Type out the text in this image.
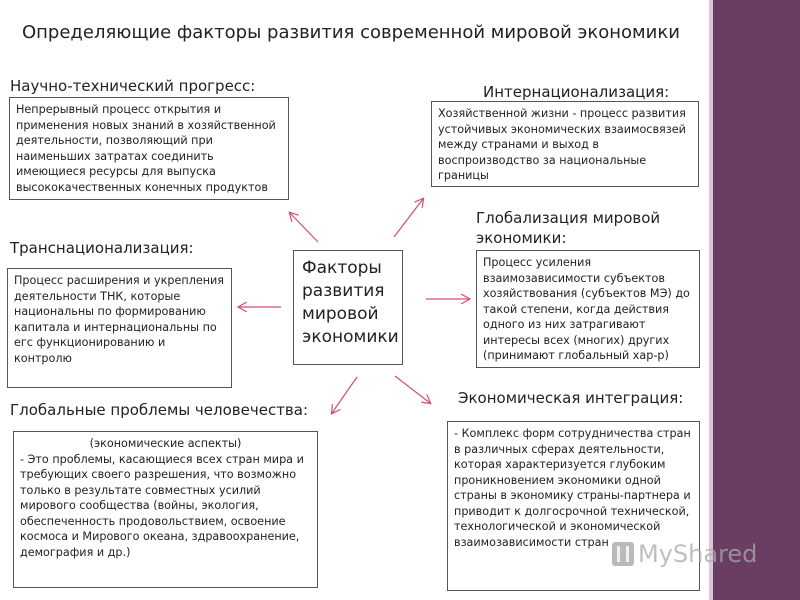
Определяющие факторы развития современной мировой экономики
Научно-технический прогресс:	Интернационализация:
Транснационализация:
Глобализация мировой экономики:
Глобальные проблемы человечества:
Экономическая интеграция:
Непрерывный процесс открытия и применения новых знаний в хозяйственной деятельности, позволяющий при наименьших затратах соединить имеющиеся ресурсы для выпуска высококачественных конечных продуктов
Хозяйственной жизни - процесс развития устойчивых экономических взаимосвязей между странами и выход в воспроизводство за национальные границы
Процесс расширения и укрепления деятельности ТНК, которые национальны по формированию капитала и интернациональны по егс функционированию и контролю
Процесс усиления взаимозависимости субъектов хозяйствования (субъектов МЭ) до такой степени, когда действия одного из них затрагивают интересы всех (многих) других (принимают глобальный хар-р)
(экономические аспекты)
- Это проблемы, касающиеся всех стран мира и требующих своего разрешения, что возможно только в результате совместных усилий мирового сообщества (войны, экология, обеспеченность продовольствием, освоение космоса и Мирового океана, здравоохранение, демография и др.)
- Комплекс форм сотрудничества стран в различных сферах деятельности, которая характеризуется глубоким проникновением экономики одной страны в экономику страны-партнера и приводит к долгосрочной технической, технологической и экономической взаимозависимости стран
Факторы
развития
мировой
экономики
MyShared
